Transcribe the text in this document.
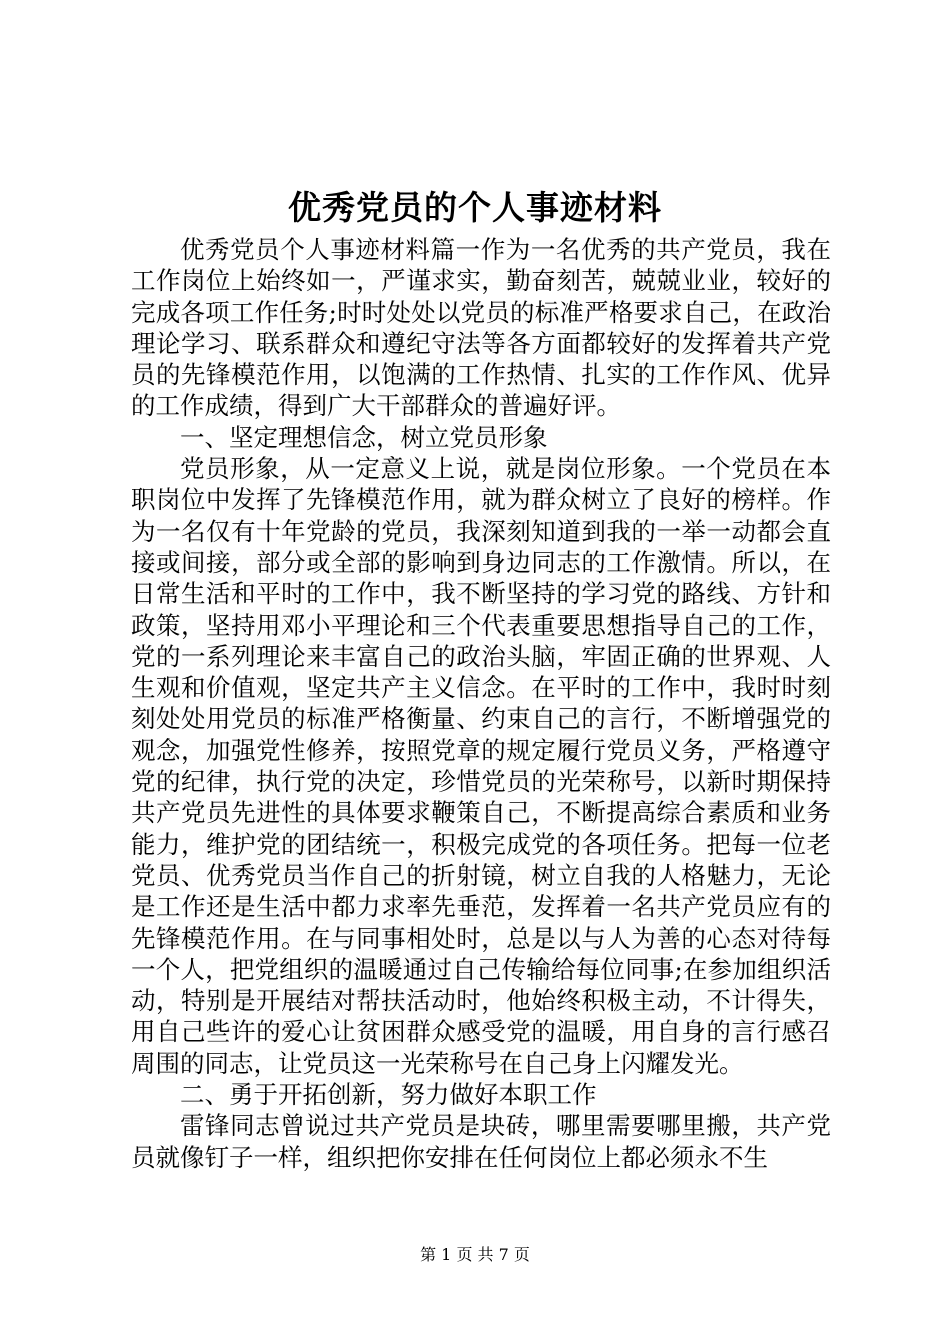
优秀党员的个人事迹材料

优秀党员个人事迹材料篇一作为一名优秀的共产党员，我在工作岗位上始终如一，严谨求实，勤奋刻苦，兢兢业业，较好的完成各项工作任务;时时处处以党员的标准严格要求自己，在政治理论学习、联系群众和遵纪守法等各方面都较好的发挥着共产党员的先锋模范作用，以饱满的工作热情、扎实的工作作风、优异的工作成绩，得到广大干部群众的普遍好评。

一、坚定理想信念，树立党员形象

党员形象，从一定意义上说，就是岗位形象。一个党员在本职岗位中发挥了先锋模范作用，就为群众树立了良好的榜样。作为一名仅有十年党龄的党员，我深刻知道到我的一举一动都会直接或间接，部分或全部的影响到身边同志的工作激情。所以，在日常生活和平时的工作中，我不断坚持的学习党的路线、方针和政策，坚持用邓小平理论和三个代表重要思想指导自己的工作，党的一系列理论来丰富自己的政治头脑，牢固正确的世界观、人生观和价值观，坚定共产主义信念。在平时的工作中，我时时刻刻处处用党员的标准严格衡量、约束自己的言行，不断增强党的观念，加强党性修养，按照党章的规定履行党员义务，严格遵守党的纪律，执行党的决定，珍惜党员的光荣称号，以新时期保持共产党员先进性的具体要求鞭策自己，不断提高综合素质和业务能力，维护党的团结统一，积极完成党的各项任务。把每一位老党员、优秀党员当作自己的折射镜，树立自我的人格魅力，无论是工作还是生活中都力求率先垂范，发挥着一名共产党员应有的先锋模范作用。在与同事相处时，总是以与人为善的心态对待每一个人，把党组织的温暖通过自己传输给每位同事;在参加组织活动，特别是开展结对帮扶活动时，他始终积极主动，不计得失，用自己些许的爱心让贫困群众感受党的温暖，用自身的言行感召周围的同志，让党员这一光荣称号在自己身上闪耀发光。

二、勇于开拓创新，努力做好本职工作

雷锋同志曾说过共产党员是块砖，哪里需要哪里搬，共产党员就像钉子一样，组织把你安排在任何岗位上都必须永不生

第 1 页 共 7 页
